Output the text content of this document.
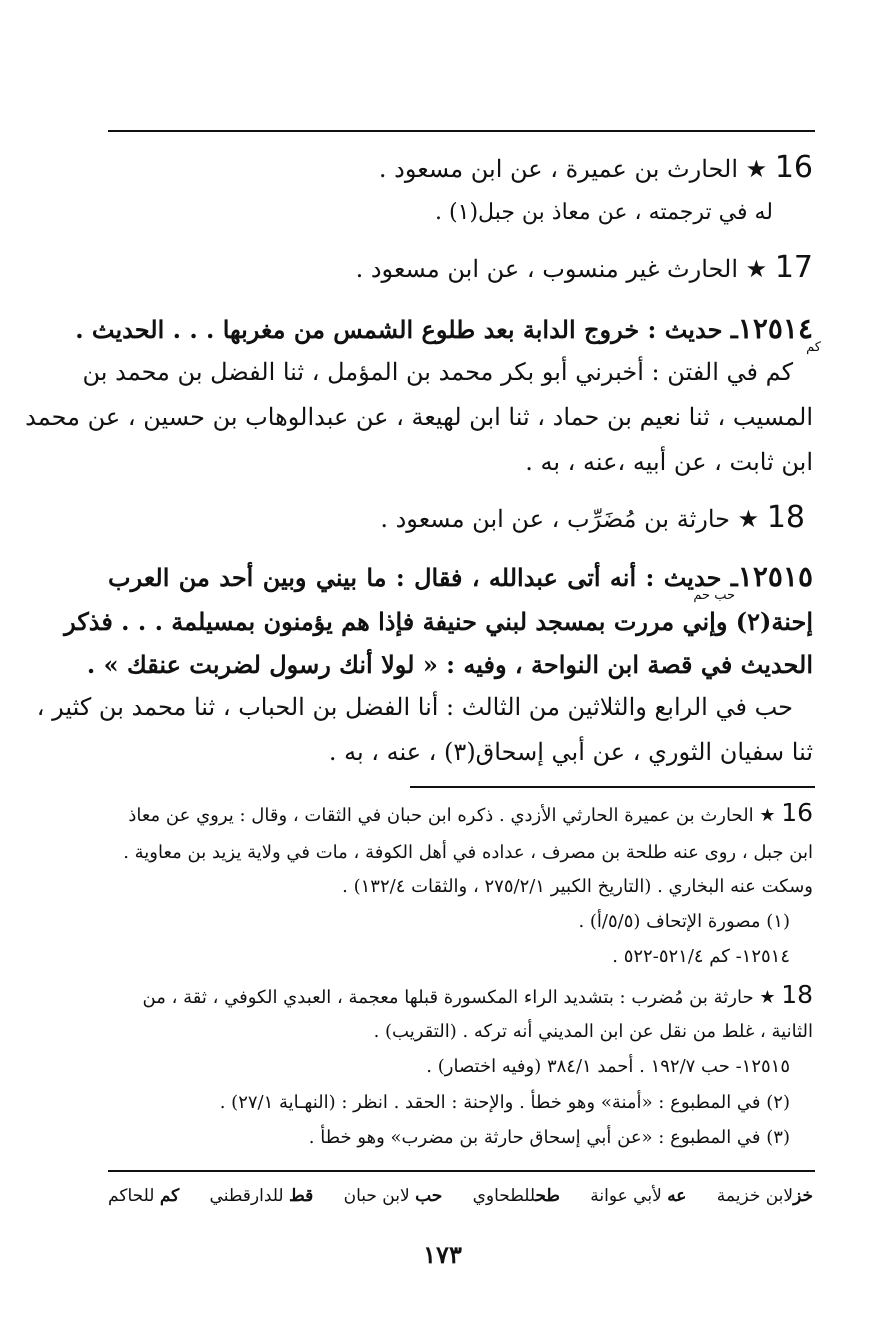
16 ★ الحارث بن عميرة ، عن ابن مسعود .
له في ترجمته ، عن معاذ بن جبل(١) .
17 ★ الحارث غير منسوب ، عن ابن مسعود .
١٢٥١٤ـ حديث : خروج الدابة بعد طلوع الشمس من مغربها . . . الحديث .
كم
كم في الفتن : أخبرني أبو بكر محمد بن المؤمل ، ثنا الفضل بن محمد بن
المسيب ، ثنا نعيم بن حماد ، ثنا ابن لهيعة ، عن عبدالوهاب بن حسين ، عن محمد
ابن ثابت ، عن أبيه ،عنه ، به .
18 ★ حارثة بن مُضَرِّب ، عن ابن مسعود .
١٢٥١٥ـ حديث : أنه أتى عبدالله ، فقال : ما بيني وبين أحد من العرب
حب حم
إحنة(٢) وإني مررت بمسجد لبني حنيفة فإذا هم يؤمنون بمسيلمة . . . فذكر
الحديث في قصة ابن النواحة ، وفيه : « لولا أنك رسول لضربت عنقك » .
حب في الرابع والثلاثين من الثالث : أنا الفضل بن الحباب ، ثنا محمد بن كثير ،
ثنا سفيان الثوري ، عن أبي إسحاق(٣) ، عنه ، به .
16 ★ الحارث بن عميرة الحارثي الأزدي . ذكره ابن حبان في الثقات ، وقال : يروي عن معاذ
ابن جبل ، روى عنه طلحة بن مصرف ، عداده في أهل الكوفة ، مات في ولاية يزيد بن معاوية .
وسكت عنه البخاري . (التاريخ الكبير ٢٧٥/٢/١ ، والثقات ١٣٢/٤) .
(١) مصورة الإتحاف (٥/٥/أ) .
١٢٥١٤- كم ٥٢١/٤-٥٢٢ .
18 ★ حارثة بن مُضرب : بتشديد الراء المكسورة قبلها معجمة ، العبدي الكوفي ، ثقة ، من
الثانية ، غلط من نقل عن ابن المديني أنه تركه . (التقريب) .
١٢٥١٥- حب ١٩٢/٧ . أحمد ٣٨٤/١ (وفيه اختصار) .
(٢) في المطبوع : «أمنة» وهو خطأ . والإحنة : الحقد . انظر : (النهـاية ٢٧/١) .
(٣) في المطبوع : «عن أبي إسحاق حارثة بن مضرب» وهو خطأ .
خزلابن خزيمة
عه لأبي عوانة
طحللطحاوي
حب لابن حبان
قط للدارقطني
كم للحاكم
١٧٣
